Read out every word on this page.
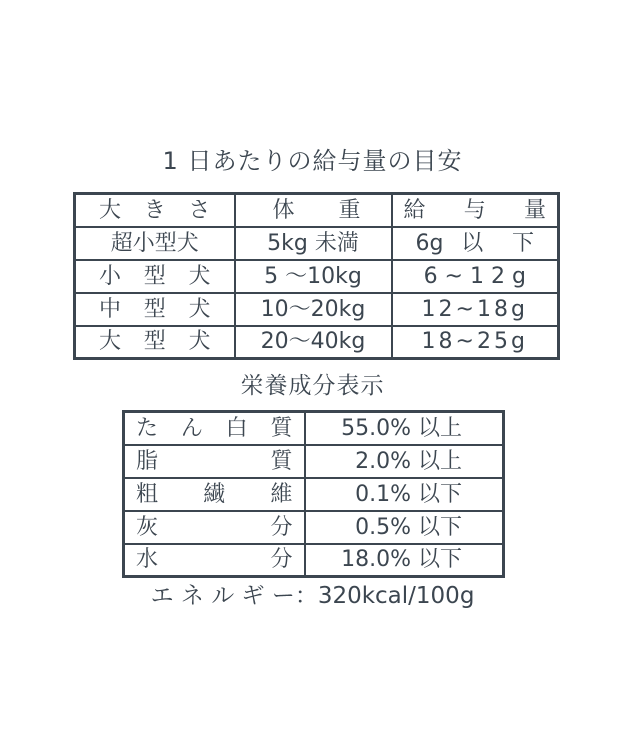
1 日あたりの給与量の目安
大 き さ	体　　重	給 与 量

超小型犬	5kg 未満	6g 以 下

小 型 犬	5 〜10kg	6 ~ 1 2 g

中 型 犬	10〜20kg	12~18g

大 型 犬	20〜40kg	18~25g
栄養成分表示
た ん 白 質	55.0% 以上

脂 質	2.0% 以上

粗 繊 維	0.1% 以下

灰 分	0.5% 以下

水 分	18.0% 以下
エ ネ ル ギ ー：320kcal/100g
